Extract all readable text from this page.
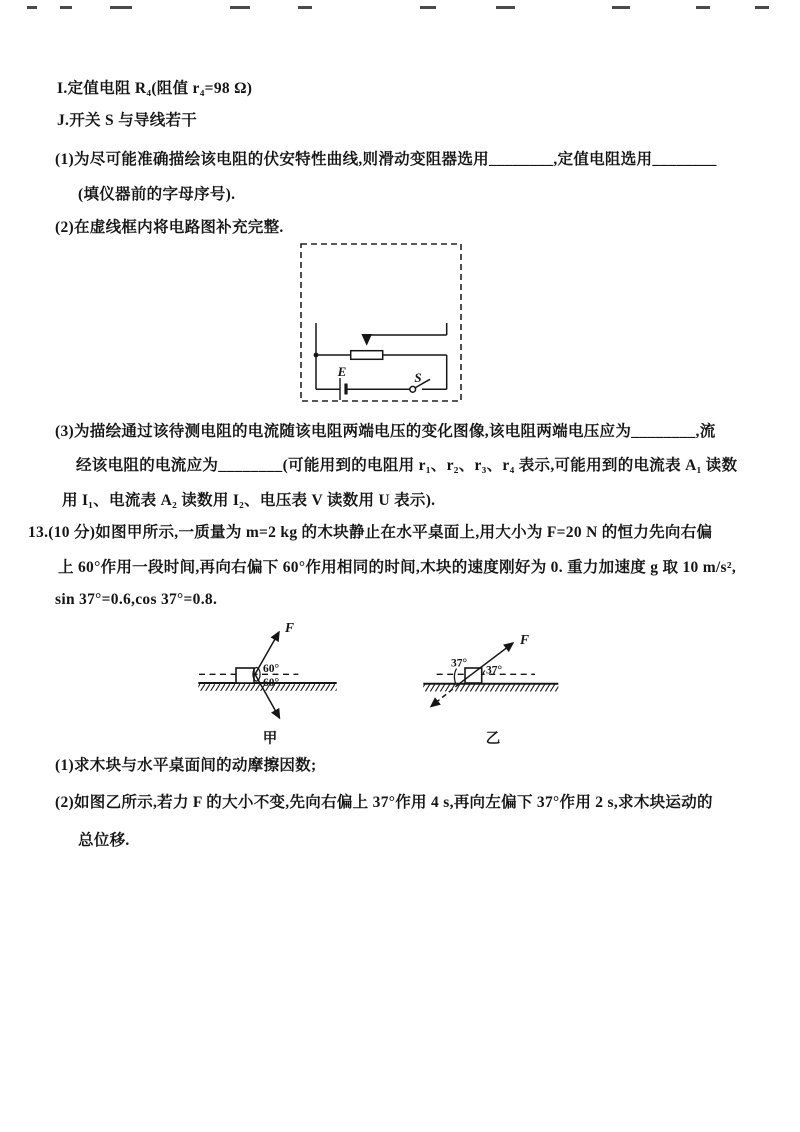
I.定值电阻 R₄(阻值 r₄=98 Ω)
J.开关 S 与导线若干
(1)为尽可能准确描绘该电阻的伏安特性曲线,则滑动变阻器选用________,定值电阻选用________
(填仪器前的字母序号).
(2)在虚线框内将电路图补充完整.
E	S
(3)为描绘通过该待测电阻的电流随该电阻两端电压的变化图像,该电阻两端电压应为________,流
经该电阻的电流应为________(可能用到的电阻用 r₁、r₂、r₃、r₄ 表示,可能用到的电流表 A₁ 读数
用 I₁、电流表 A₂ 读数用 I₂、电压表 V 读数用 U 表示).
13.(10 分)如图甲所示,一质量为 m=2 kg 的木块静止在水平桌面上,用大小为 F=20 N 的恒力先向右偏
上 60°作用一段时间,再向右偏下 60°作用相同的时间,木块的速度刚好为 0. 重力加速度 g 取 10 m/s²,
sin 37°=0.6,cos 37°=0.8.
F
60°
60°
甲
F
37°
37°
乙
(1)求木块与水平桌面间的动摩擦因数;
(2)如图乙所示,若力 F 的大小不变,先向右偏上 37°作用 4 s,再向左偏下 37°作用 2 s,求木块运动的
总位移.
